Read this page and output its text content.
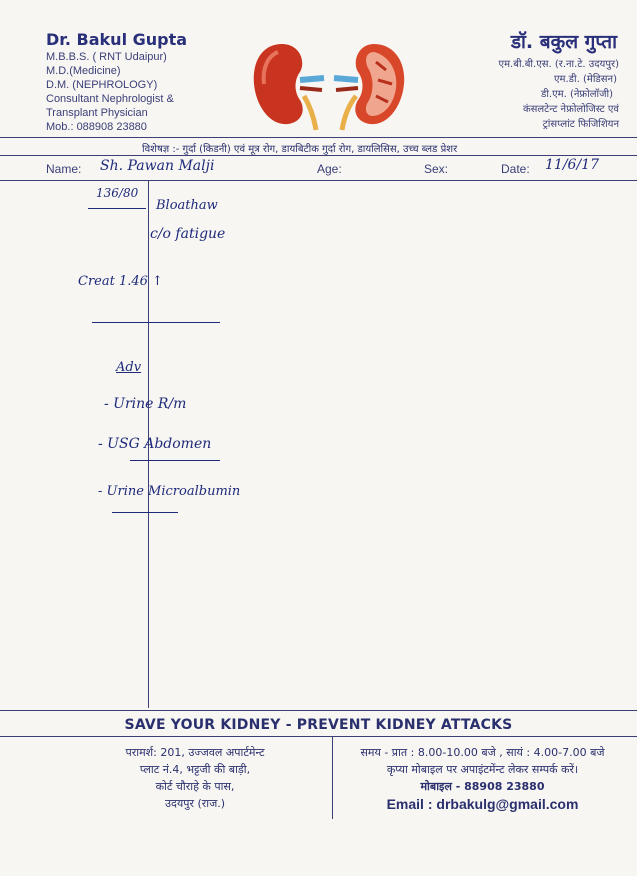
Dr. Bakul Gupta
M.B.B.S. ( RNT Udaipur)
M.D.(Medicine)
D.M. (NEPHROLOGY)
Consultant Nephrologist &
Transplant Physician
Mob.: 088908 23880
डॉ. बकुल गुप्ता
एम.बी.बी.एस. (र.ना.टे. उदयपुर)
एम.डी. (मेडिसन)
डी.एम. (नेफ्रोलॉजी)
कंसलटेन्ट नेफ्रोलोजिस्ट एवं
ट्रांसप्लांट फिजिशियन
विशेषज्ञ :- गुर्दा (किडनी) एवं मूत्र रोग, डायबिटीक गुर्दा रोग, डायलिसिस, उच्च ब्लड प्रेशर
Name: Sh. Pawan Malji	Age:	Sex:	Date: 11/6/17
136/80
Bloathaw
c/o fatigue
Creat 1.46 ↑
Adv
- Urine R/m
- USG Abdomen
- Urine Microalbumin
SAVE YOUR KIDNEY - PREVENT KIDNEY ATTACKS
परामर्श: 201, उज्जवल अपार्टमेन्ट
प्लाट नं.4, भट्टजी की बाड़ी,
कोर्ट चौराहे के पास,
उदयपुर (राज.)
समय - प्रात : 8.00-10.00 बजे , सायं : 4.00-7.00 बजे
कृप्या मोबाइल पर अपाइंटमेंन्ट लेकर सम्पर्क करें।
मोबाइल - 88908 23880
Email : drbakulg@gmail.com
